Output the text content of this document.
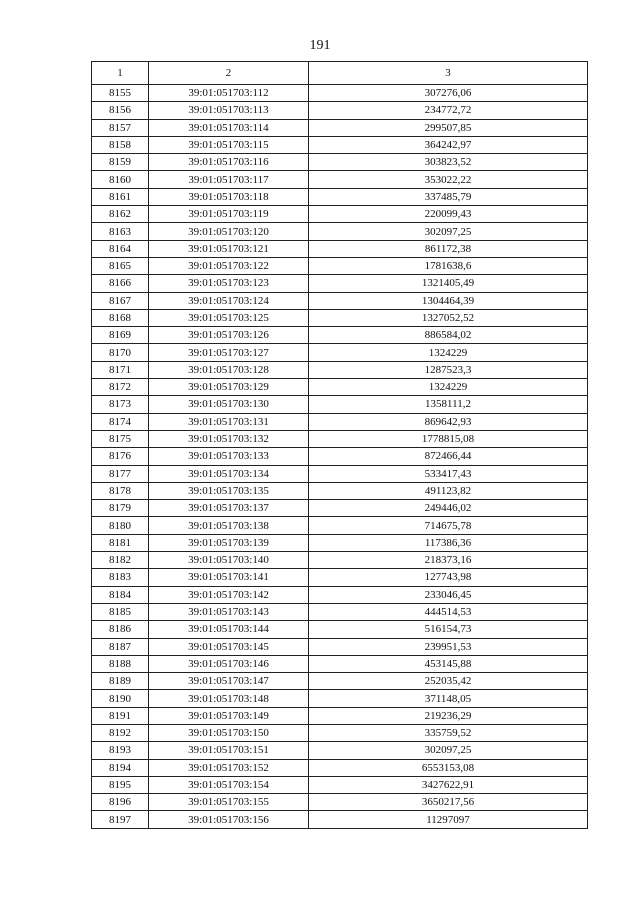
191
1	2	3
8155	39:01:051703:112	307276,06
8156	39:01:051703:113	234772,72
8157	39:01:051703:114	299507,85
8158	39:01:051703:115	364242,97
8159	39:01:051703:116	303823,52
8160	39:01:051703:117	353022,22
8161	39:01:051703:118	337485,79
8162	39:01:051703:119	220099,43
8163	39:01:051703:120	302097,25
8164	39:01:051703:121	861172,38
8165	39:01:051703:122	1781638,6
8166	39:01:051703:123	1321405,49
8167	39:01:051703:124	1304464,39
8168	39:01:051703:125	1327052,52
8169	39:01:051703:126	886584,02
8170	39:01:051703:127	1324229
8171	39:01:051703:128	1287523,3
8172	39:01:051703:129	1324229
8173	39:01:051703:130	1358111,2
8174	39:01:051703:131	869642,93
8175	39:01:051703:132	1778815,08
8176	39:01:051703:133	872466,44
8177	39:01:051703:134	533417,43
8178	39:01:051703:135	491123,82
8179	39:01:051703:137	249446,02
8180	39:01:051703:138	714675,78
8181	39:01:051703:139	117386,36
8182	39:01:051703:140	218373,16
8183	39:01:051703:141	127743,98
8184	39:01:051703:142	233046,45
8185	39:01:051703:143	444514,53
8186	39:01:051703:144	516154,73
8187	39:01:051703:145	239951,53
8188	39:01:051703:146	453145,88
8189	39:01:051703:147	252035,42
8190	39:01:051703:148	371148,05
8191	39:01:051703:149	219236,29
8192	39:01:051703:150	335759,52
8193	39:01:051703:151	302097,25
8194	39:01:051703:152	6553153,08
8195	39:01:051703:154	3427622,91
8196	39:01:051703:155	3650217,56
8197	39:01:051703:156	11297097
